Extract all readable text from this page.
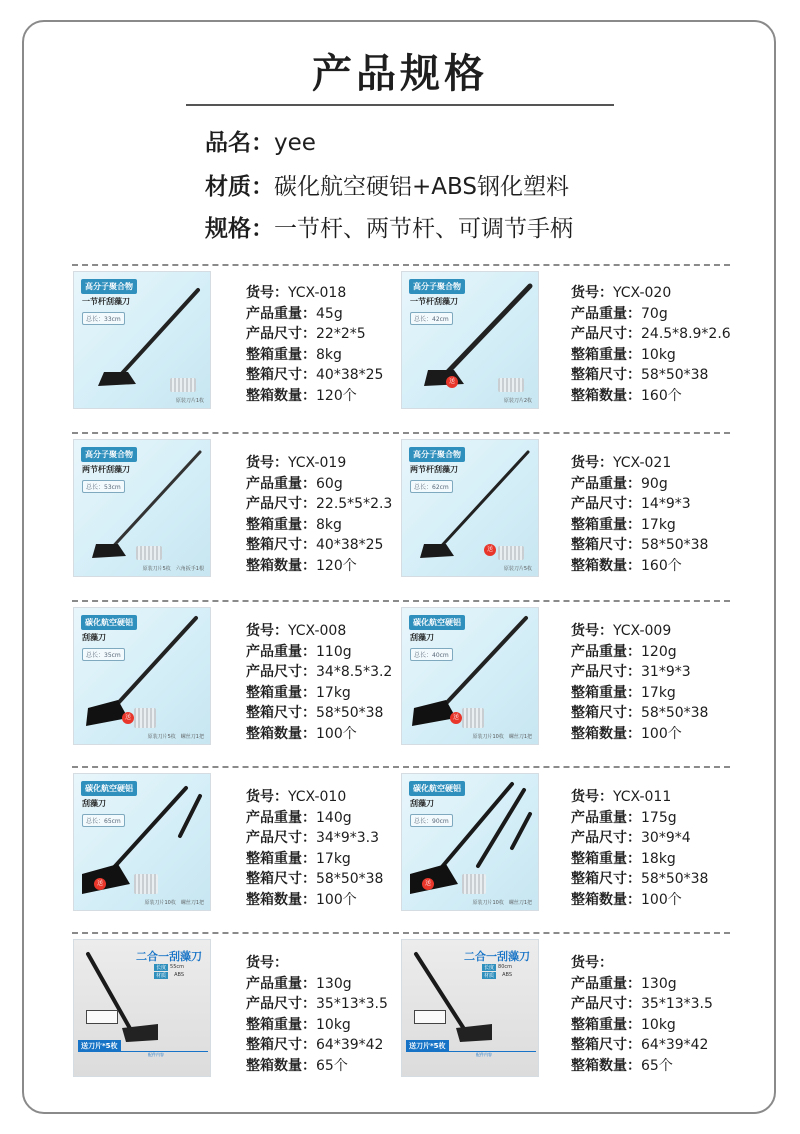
产品规格
品名：yee
材质：碳化航空硬铝+ABS钢化塑料
规格：一节杆、两节杆、可调节手柄
高分子聚合物
一节杆刮藻刀
总长：33cm
原装刀片1枚
货号：YCX-018
产品重量：45g
产品尺寸：22*2*5
整箱重量：8kg
整箱尺寸：40*38*25
整箱数量：120个
高分子聚合物
一节杆刮藻刀
总长：42cm
送
原装刀片2枚
货号：YCX-020
产品重量：70g
产品尺寸：24.5*8.9*2.6
整箱重量：10kg
整箱尺寸：58*50*38
整箱数量：160个
高分子聚合物
两节杆刮藻刀
总长：53cm
原装刀片5枚　六角扳手1根
货号：YCX-019
产品重量：60g
产品尺寸：22.5*5*2.3
整箱重量：8kg
整箱尺寸：40*38*25
整箱数量：120个
高分子聚合物
两节杆刮藻刀
总长：62cm
送
原装刀片5枚
货号：YCX-021
产品重量：90g
产品尺寸：14*9*3
整箱重量：17kg
整箱尺寸：58*50*38
整箱数量：160个
碳化航空硬铝
刮藻刀
总长：35cm
送
原装刀片5枚　螺丝刀1把
货号：YCX-008
产品重量：110g
产品尺寸：34*8.5*3.2
整箱重量：17kg
整箱尺寸：58*50*38
整箱数量：100个
碳化航空硬铝
刮藻刀
总长：40cm
送
原装刀片10枚　螺丝刀1把
货号：YCX-009
产品重量：120g
产品尺寸：31*9*3
整箱重量：17kg
整箱尺寸：58*50*38
整箱数量：100个
碳化航空硬铝
刮藻刀
总长：65cm
送
原装刀片10枚　螺丝刀1把
货号：YCX-010
产品重量：140g
产品尺寸：34*9*3.3
整箱重量：17kg
整箱尺寸：58*50*38
整箱数量：100个
碳化航空硬铝
刮藻刀
总长：90cm
送
原装刀片10枚　螺丝刀1把
货号：YCX-011
产品重量：175g
产品尺寸：30*9*4
整箱重量：18kg
整箱尺寸：58*50*38
整箱数量：100个
二合一刮藻刀
长度 55cm
材质	ABS
送刀片*5枚
配件内容
货号：
产品重量：130g
产品尺寸：35*13*3.5
整箱重量：10kg
整箱尺寸：64*39*42
整箱数量：65个
二合一刮藻刀
长度 80cm
材质	ABS
送刀片*5枚
配件内容
货号：
产品重量：130g
产品尺寸：35*13*3.5
整箱重量：10kg
整箱尺寸：64*39*42
整箱数量：65个
